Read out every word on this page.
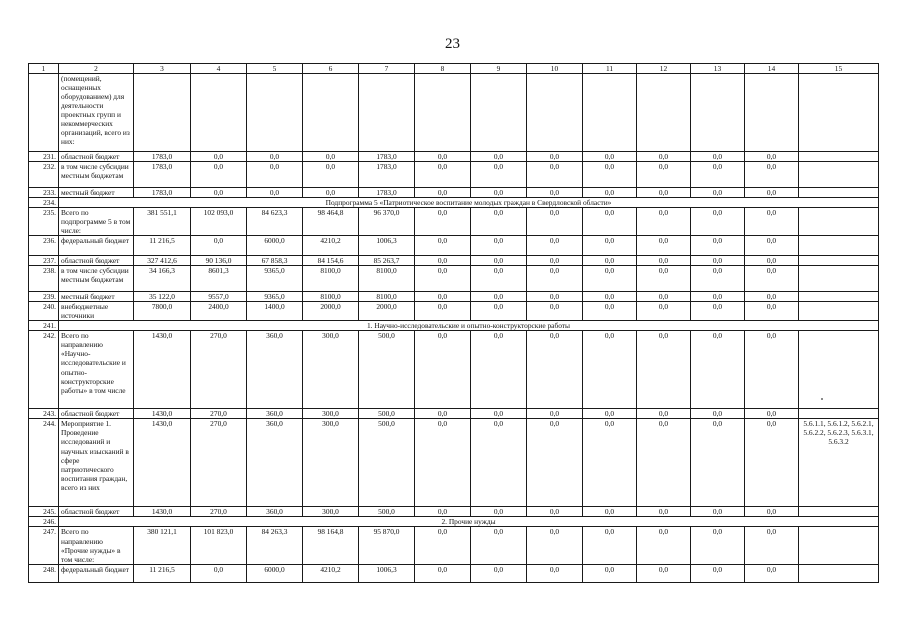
23
1	2	3	4	5	6	7	8	9	10	11	12	13	14	15
	(помещений, оснащенных оборудованием) для деятельности проектных групп и некоммерческих организаций, всего из них:													
231.	областной бюджет	1783,0	0,0	0,0	0,0	1783,0	0,0	0,0	0,0	0,0	0,0	0,0	0,0	
232.	в том числе субсидии местным бюджетам	1783,0	0,0	0,0	0,0	1783,0	0,0	0,0	0,0	0,0	0,0	0,0	0,0	
233.	местный бюджет	1783,0	0,0	0,0	0,0	1783,0	0,0	0,0	0,0	0,0	0,0	0,0	0,0	
234.	Подпрограмма 5 «Патриотическое воспитание молодых граждан в Свердловской области»													
235.	Всего по подпрограмме 5 в том числе:	381 551,1	102 093,0	84 623,3	98 464,8	96 370,0	0,0	0,0	0,0	0,0	0,0	0,0	0,0	
236.	федеральный бюджет	11 216,5	0,0	6000,0	4210,2	1006,3	0,0	0,0	0,0	0,0	0,0	0,0	0,0	
237.	областной бюджет	327 412,6	90 136,0	67 858,3	84 154,6	85 263,7	0,0	0,0	0,0	0,0	0,0	0,0	0,0	
238.	в том числе субсидии местным бюджетам	34 166,3	8601,3	9365,0	8100,0	8100,0	0,0	0,0	0,0	0,0	0,0	0,0	0,0	
239.	местный бюджет	35 122,0	9557,0	9365,0	8100,0	8100,0	0,0	0,0	0,0	0,0	0,0	0,0	0,0	
240.	внебюджетные источники	7800,0	2400,0	1400,0	2000,0	2000,0	0,0	0,0	0,0	0,0	0,0	0,0	0,0	
241.	1. Научно-исследовательские и опытно-конструкторские работы													
242.	Всего по направлению «Научно-исследовательские и опытно-конструкторские работы» в том числе	1430,0	270,0	360,0	300,0	500,0	0,0	0,0	0,0	0,0	0,0	0,0	0,0	
243.	областной бюджет	1430,0	270,0	360,0	300,0	500,0	0,0	0,0	0,0	0,0	0,0	0,0	0,0	
244.	Мероприятие 1. Проведение исследований и научных изысканий в сфере патриотического воспитания граждан, всего из них	1430,0	270,0	360,0	300,0	500,0	0,0	0,0	0,0	0,0	0,0	0,0	0,0	5.6.1.1, 5.6.1.2, 5.6.2.1, 5.6.2.2, 5.6.2.3, 5.6.3.1, 5.6.3.2
245.	областной бюджет	1430,0	270,0	360,0	300,0	500,0	0,0	0,0	0,0	0,0	0,0	0,0	0,0	
246.	2. Прочие нужды													
247.	Всего по направлению «Прочие нужды» в том числе:	380 121,1	101 823,0	84 263,3	98 164,8	95 870,0	0,0	0,0	0,0	0,0	0,0	0,0	0,0	
248.	федеральный бюджет	11 216,5	0,0	6000,0	4210,2	1006,3	0,0	0,0	0,0	0,0	0,0	0,0	0,0	
